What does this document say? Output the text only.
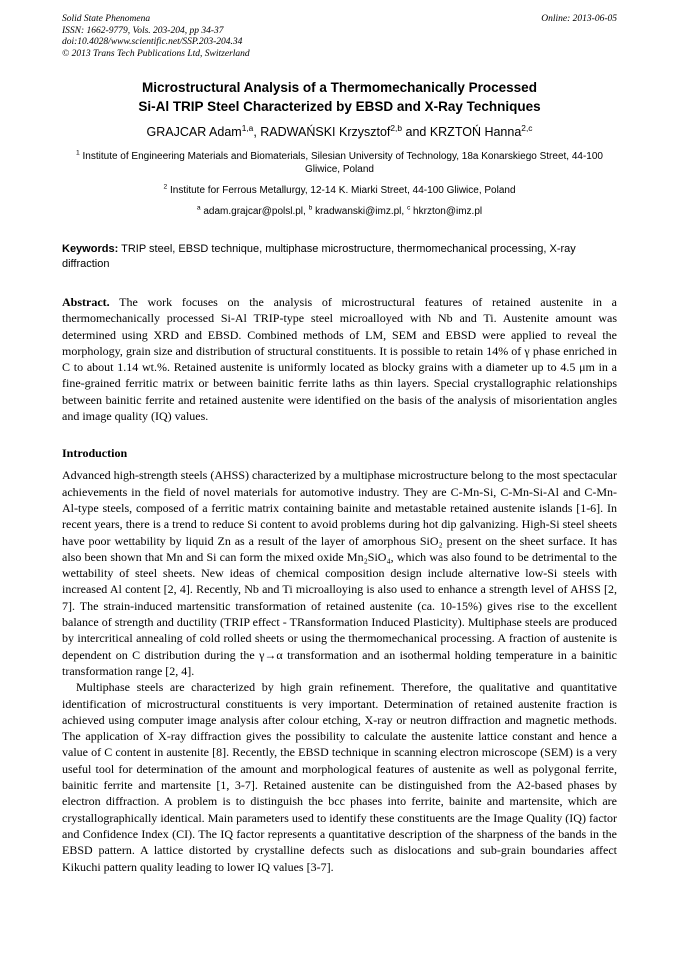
Solid State Phenomena
ISSN: 1662-9779, Vols. 203-204, pp 34-37
doi:10.4028/www.scientific.net/SSP.203-204.34
© 2013 Trans Tech Publications Ltd, Switzerland
Online: 2013-06-05
Microstructural Analysis of a Thermomechanically Processed
Si-Al TRIP Steel Characterized by EBSD and X-Ray Techniques
GRAJCAR Adam$^{1,a}$, RADWAŃSKI Krzysztof$^{2,b}$ and KRZTOŃ Hanna$^{2,c}$
$^1$ Institute of Engineering Materials and Biomaterials, Silesian University of Technology, 18a Konarskiego Street, 44-100 Gliwice, Poland
$^2$ Institute for Ferrous Metallurgy, 12-14 K. Miarki Street, 44-100 Gliwice, Poland
$^a$ adam.grajcar@polsl.pl, $^b$ kradwanski@imz.pl, $^c$ hkrzton@imz.pl

Keywords: TRIP steel, EBSD technique, multiphase microstructure, thermomechanical processing, X-ray diffraction

Abstract. The work focuses on the analysis of microstructural features of retained austenite in a thermomechanically processed Si-Al TRIP-type steel microalloyed with Nb and Ti. Austenite amount was determined using XRD and EBSD. Combined methods of LM, SEM and EBSD were applied to reveal the morphology, grain size and distribution of structural constituents. It is possible to retain 14% of γ phase enriched in C to about 1.14 wt.%. Retained austenite is uniformly located as blocky grains with a diameter up to 4.5 μm in a fine-grained ferritic matrix or between bainitic ferrite laths as thin layers. Special crystallographic relationships between bainitic ferrite and retained austenite were identified on the basis of the analysis of misorientation angles and image quality (IQ) values.

Introduction

Advanced high-strength steels (AHSS) characterized by a multiphase microstructure belong to the most spectacular achievements in the field of novel materials for automotive industry. They are C-Mn-Si, C-Mn-Si-Al and C-Mn-Al-type steels, composed of a ferritic matrix containing bainite and metastable retained austenite islands [1-6]. In recent years, there is a trend to reduce Si content to avoid problems during hot dip galvanizing. High-Si steel sheets have poor wettability by liquid Zn as a result of the layer of amorphous SiO₂ present on the sheet surface. It has also been shown that Mn and Si can form the mixed oxide Mn₂SiO₄, which was also found to be detrimental to the wettability of steel sheets. New ideas of chemical composition design include alternative low-Si steels with increased Al content [2, 4]. Recently, Nb and Ti microalloying is also used to enhance a strength level of AHSS [2, 7]. The strain-induced martensitic transformation of retained austenite (ca. 10-15%) gives rise to the excellent balance of strength and ductility (TRIP effect - TRansformation Induced Plasticity). Multiphase steels are produced by intercritical annealing of cold rolled sheets or using the thermomechanical processing. A fraction of austenite is dependent on C distribution during the γ→α transformation and an isothermal holding temperature in a bainitic transformation range [2, 4].

Multiphase steels are characterized by high grain refinement. Therefore, the qualitative and quantitative identification of microstructural constituents is very important. Determination of retained austenite fraction is achieved using computer image analysis after colour etching, X-ray or neutron diffraction and magnetic methods. The application of X-ray diffraction gives the possibility to calculate the austenite lattice constant and hence a value of C content in austenite [8]. Recently, the EBSD technique in scanning electron microscope (SEM) is a very useful tool for determination of the amount and morphological features of austenite as well as polygonal ferrite, bainitic ferrite and martensite [1, 3-7]. Retained austenite can be distinguished from the A2-based phases by electron diffraction. A problem is to distinguish the bcc phases into ferrite, bainite and martensite, which are crystallographically identical. Main parameters used to identify these constituents are the Image Quality (IQ) factor and Confidence Index (CI). The IQ factor represents a quantitative description of the sharpness of the bands in the EBSD pattern. A lattice distorted by crystalline defects such as dislocations and sub-grain boundaries affect Kikuchi pattern quality leading to lower IQ values [3-7].
